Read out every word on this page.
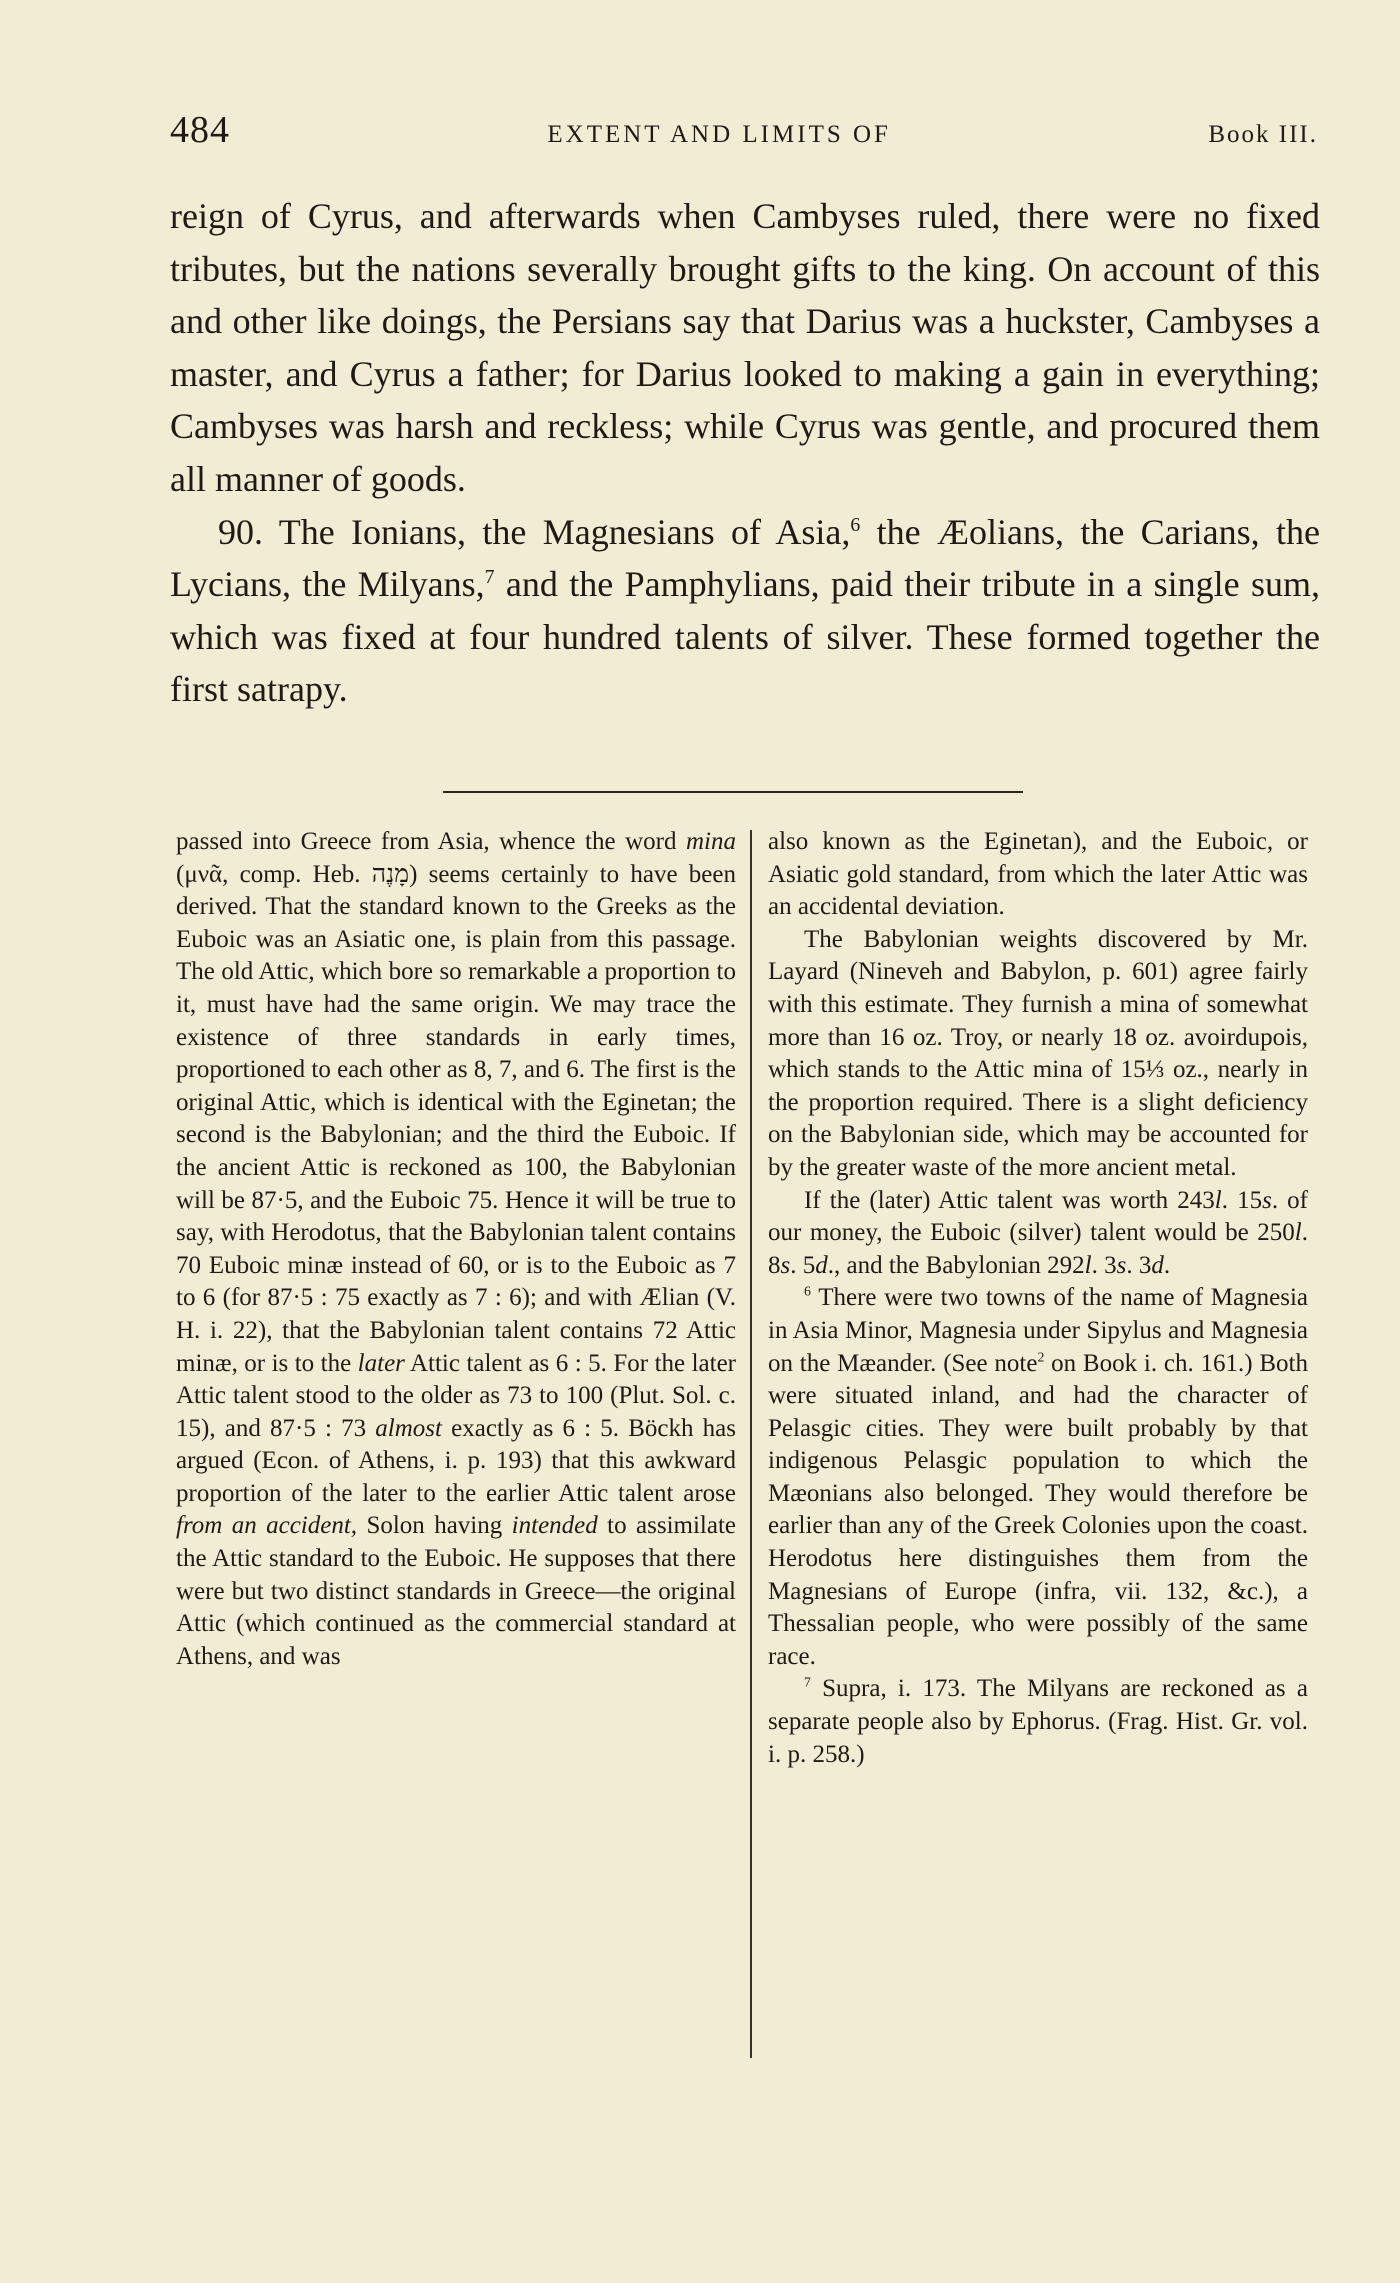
484	EXTENT AND LIMITS OF	Book III.

reign of Cyrus, and afterwards when Cambyses ruled, there were no fixed tributes, but the nations severally brought gifts to the king. On account of this and other like doings, the Persians say that Darius was a huckster, Cambyses a master, and Cyrus a father; for Darius looked to making a gain in everything; Cambyses was harsh and reckless; while Cyrus was gentle, and procured them all manner of goods.

90. The Ionians, the Magnesians of Asia,$^6$ the Æolians, the Carians, the Lycians, the Milyans,$^7$ and the Pamphylians, paid their tribute in a single sum, which was fixed at four hundred talents of silver. These formed together the first satrapy.

passed into Greece from Asia, whence the word mina (μνᾶ, comp. Heb. מָנֶה) seems certainly to have been derived. That the standard known to the Greeks as the Euboic was an Asiatic one, is plain from this passage. The old Attic, which bore so remarkable a proportion to it, must have had the same origin. We may trace the existence of three standards in early times, proportioned to each other as 8, 7, and 6. The first is the original Attic, which is identical with the Eginetan; the second is the Babylonian; and the third the Euboic. If the ancient Attic is reckoned as 100, the Babylonian will be 87·5, and the Euboic 75. Hence it will be true to say, with Herodotus, that the Babylonian talent contains 70 Euboic minæ instead of 60, or is to the Euboic as 7 to 6 (for 87·5 : 75 exactly as 7 : 6); and with Ælian (V. H. i. 22), that the Babylonian talent contains 72 Attic minæ, or is to the later Attic talent as 6 : 5. For the later Attic talent stood to the older as 73 to 100 (Plut. Sol. c. 15), and 87·5 : 73 almost exactly as 6 : 5. Böckh has argued (Econ. of Athens, i. p. 193) that this awkward proportion of the later to the earlier Attic talent arose from an accident, Solon having intended to assimilate the Attic standard to the Euboic. He supposes that there were but two distinct standards in Greece—the original Attic (which continued as the commercial standard at Athens, and was

also known as the Eginetan), and the Euboic, or Asiatic gold standard, from which the later Attic was an accidental deviation.

The Babylonian weights discovered by Mr. Layard (Nineveh and Babylon, p. 601) agree fairly with this estimate. They furnish a mina of somewhat more than 16 oz. Troy, or nearly 18 oz. avoirdupois, which stands to the Attic mina of 15⅓ oz., nearly in the proportion required. There is a slight deficiency on the Babylonian side, which may be accounted for by the greater waste of the more ancient metal.

If the (later) Attic talent was worth 243l. 15s. of our money, the Euboic (silver) talent would be 250l. 8s. 5d., and the Babylonian 292l. 3s. 3d.

$^6$ There were two towns of the name of Magnesia in Asia Minor, Magnesia under Sipylus and Magnesia on the Mæander. (See note$^2$ on Book i. ch. 161.) Both were situated inland, and had the character of Pelasgic cities. They were built probably by that indigenous Pelasgic population to which the Mæonians also belonged. They would therefore be earlier than any of the Greek Colonies upon the coast. Herodotus here distinguishes them from the Magnesians of Europe (infra, vii. 132, &c.), a Thessalian people, who were possibly of the same race.

$^7$ Supra, i. 173. The Milyans are reckoned as a separate people also by Ephorus. (Frag. Hist. Gr. vol. i. p. 258.)
